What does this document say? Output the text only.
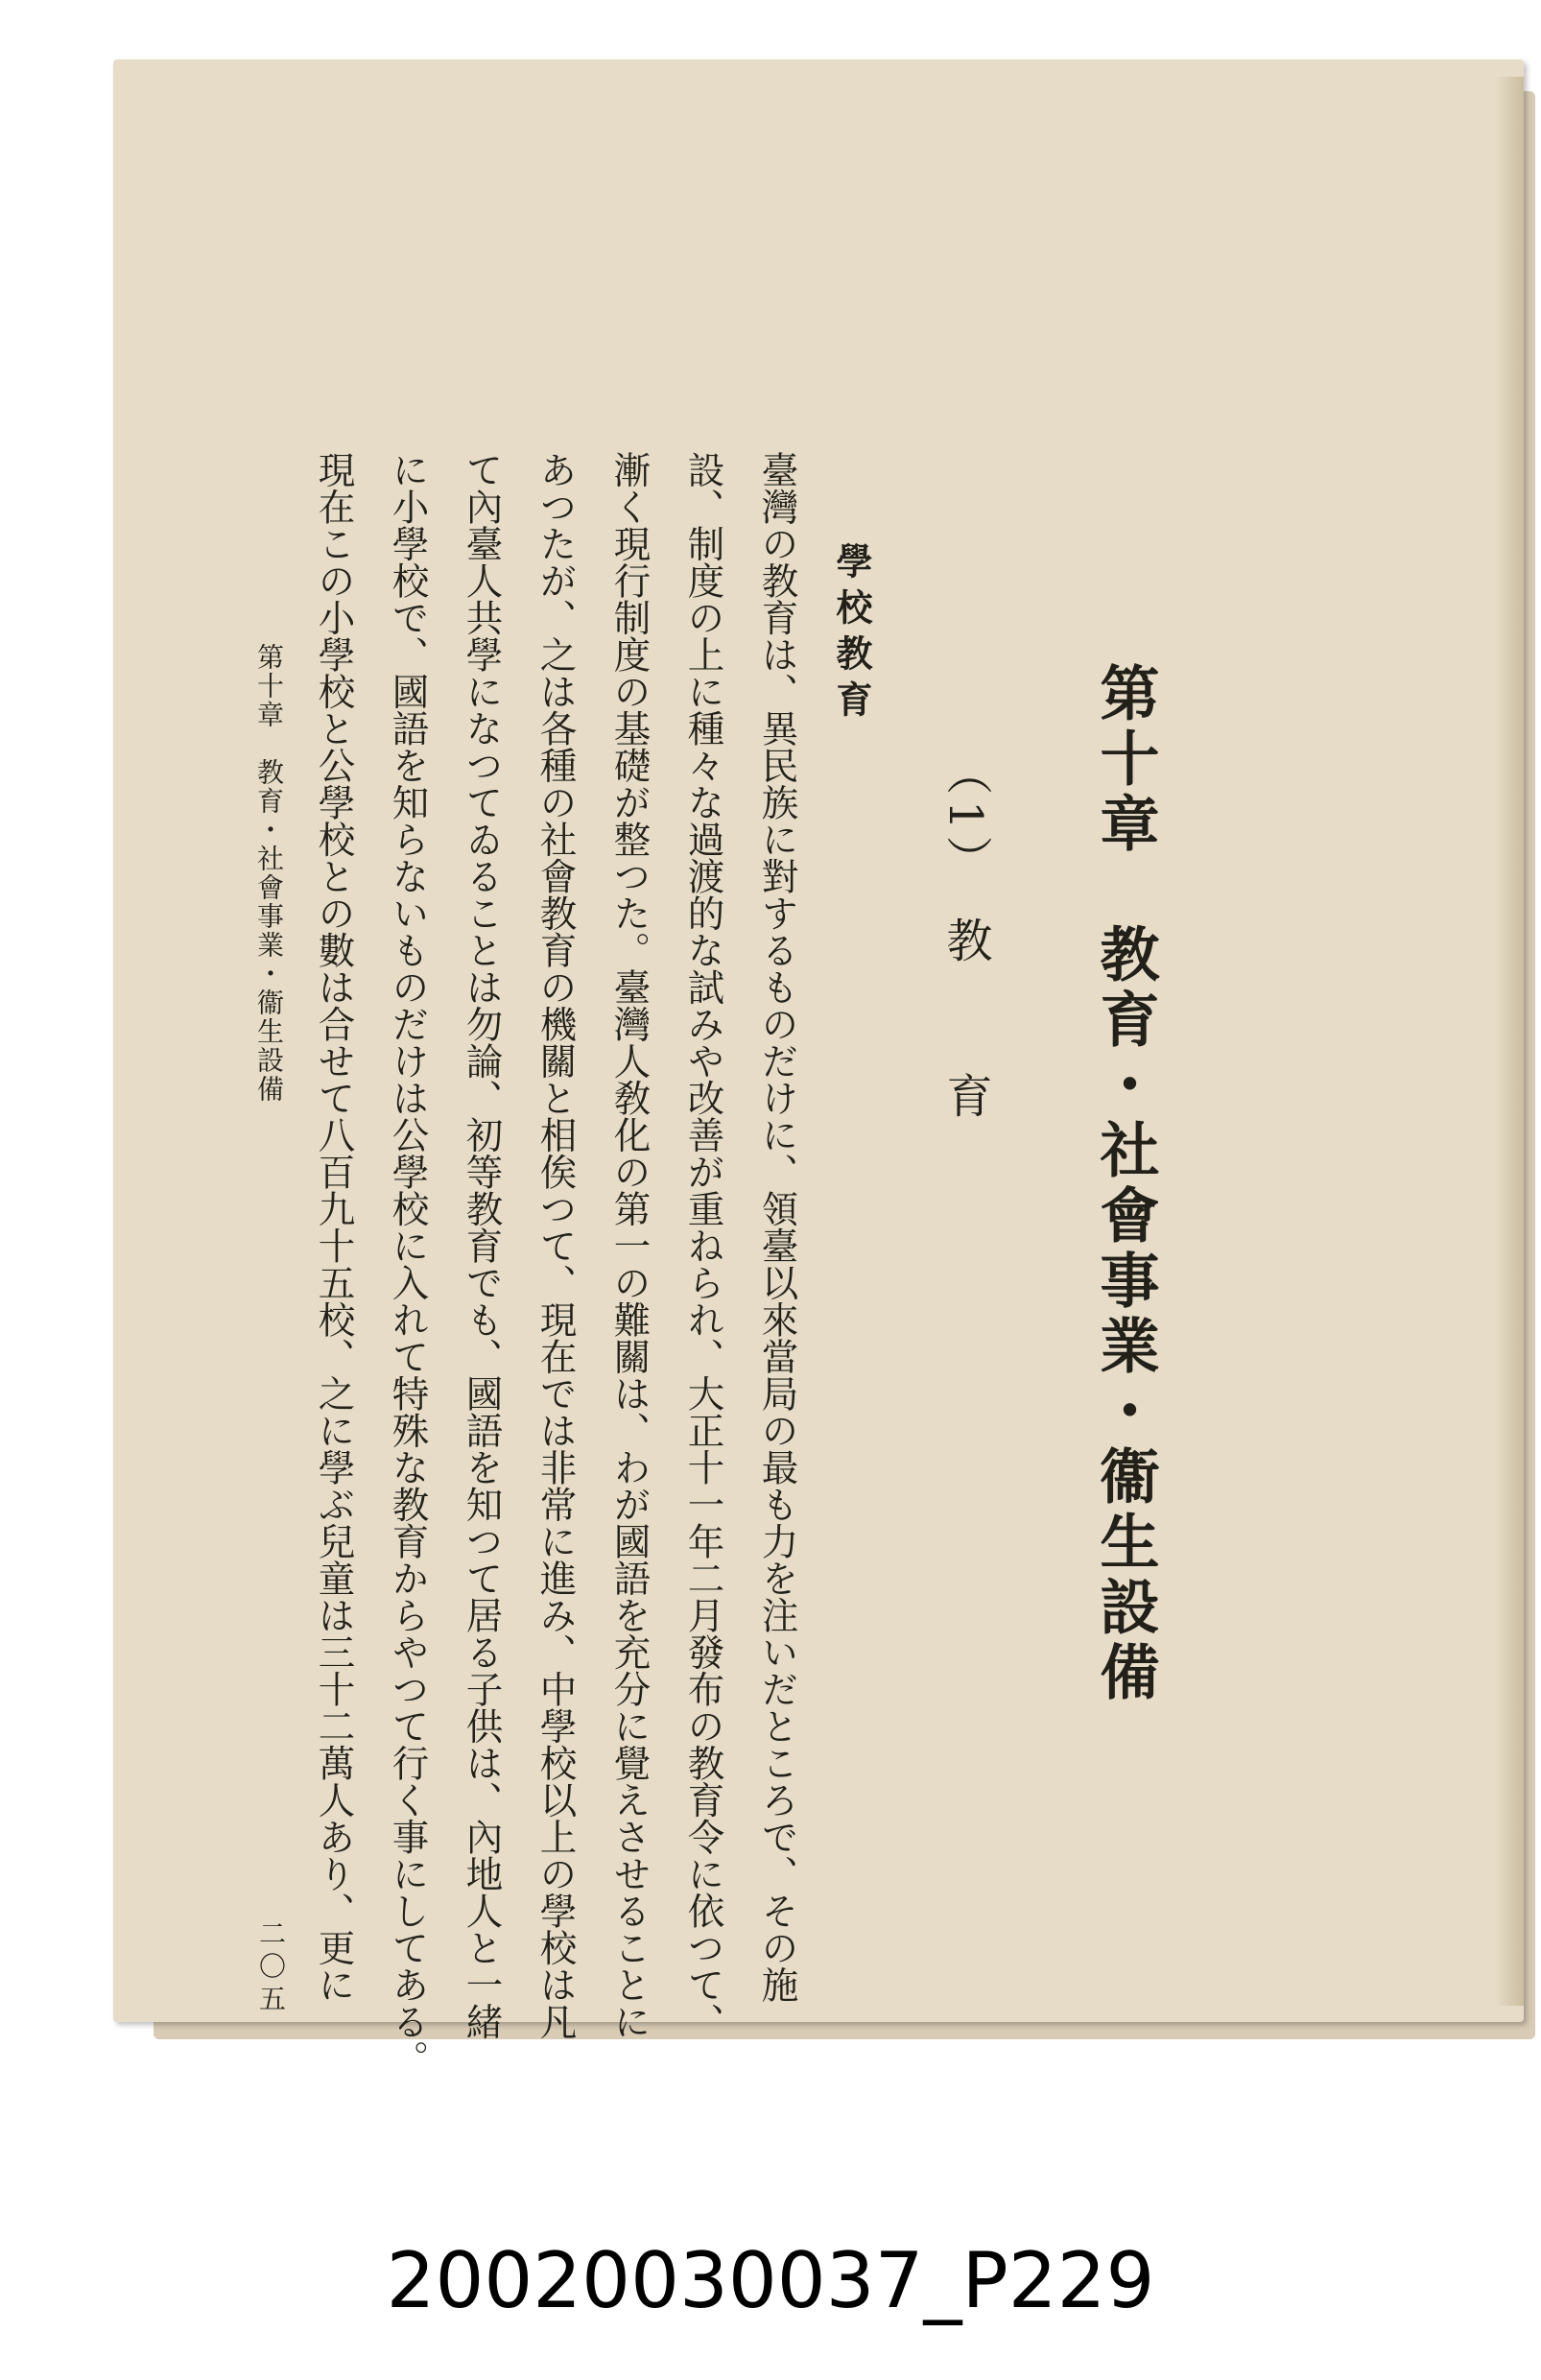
第十章　教育・社會事業・衞生設備
（1）　教　　育
學校教育
臺灣の教育は、異民族に對するものだけに、領臺以來當局の最も力を注いだところで、その施
設、制度の上に種々な過渡的な試みや改善が重ねられ、大正十一年二月發布の教育令に依つて、
漸く現行制度の基礎が整つた。臺灣人敎化の第一の難關は、わが國語を充分に覺えさせることに
あつたが、之は各種の社會教育の機關と相俟つて、現在では非常に進み、中學校以上の學校は凡
て內臺人共學になつてゐることは勿論、初等教育でも、國語を知つて居る子供は、內地人と一緒
に小學校で、國語を知らないものだけは公學校に入れて特殊な教育からやつて行く事にしてある。
現在この小學校と公學校との數は合せて八百九十五校、之に學ぶ兒童は三十二萬人あり、更に
第十章　教育・社會事業・衞生設備
二〇五
20020030037_P229
